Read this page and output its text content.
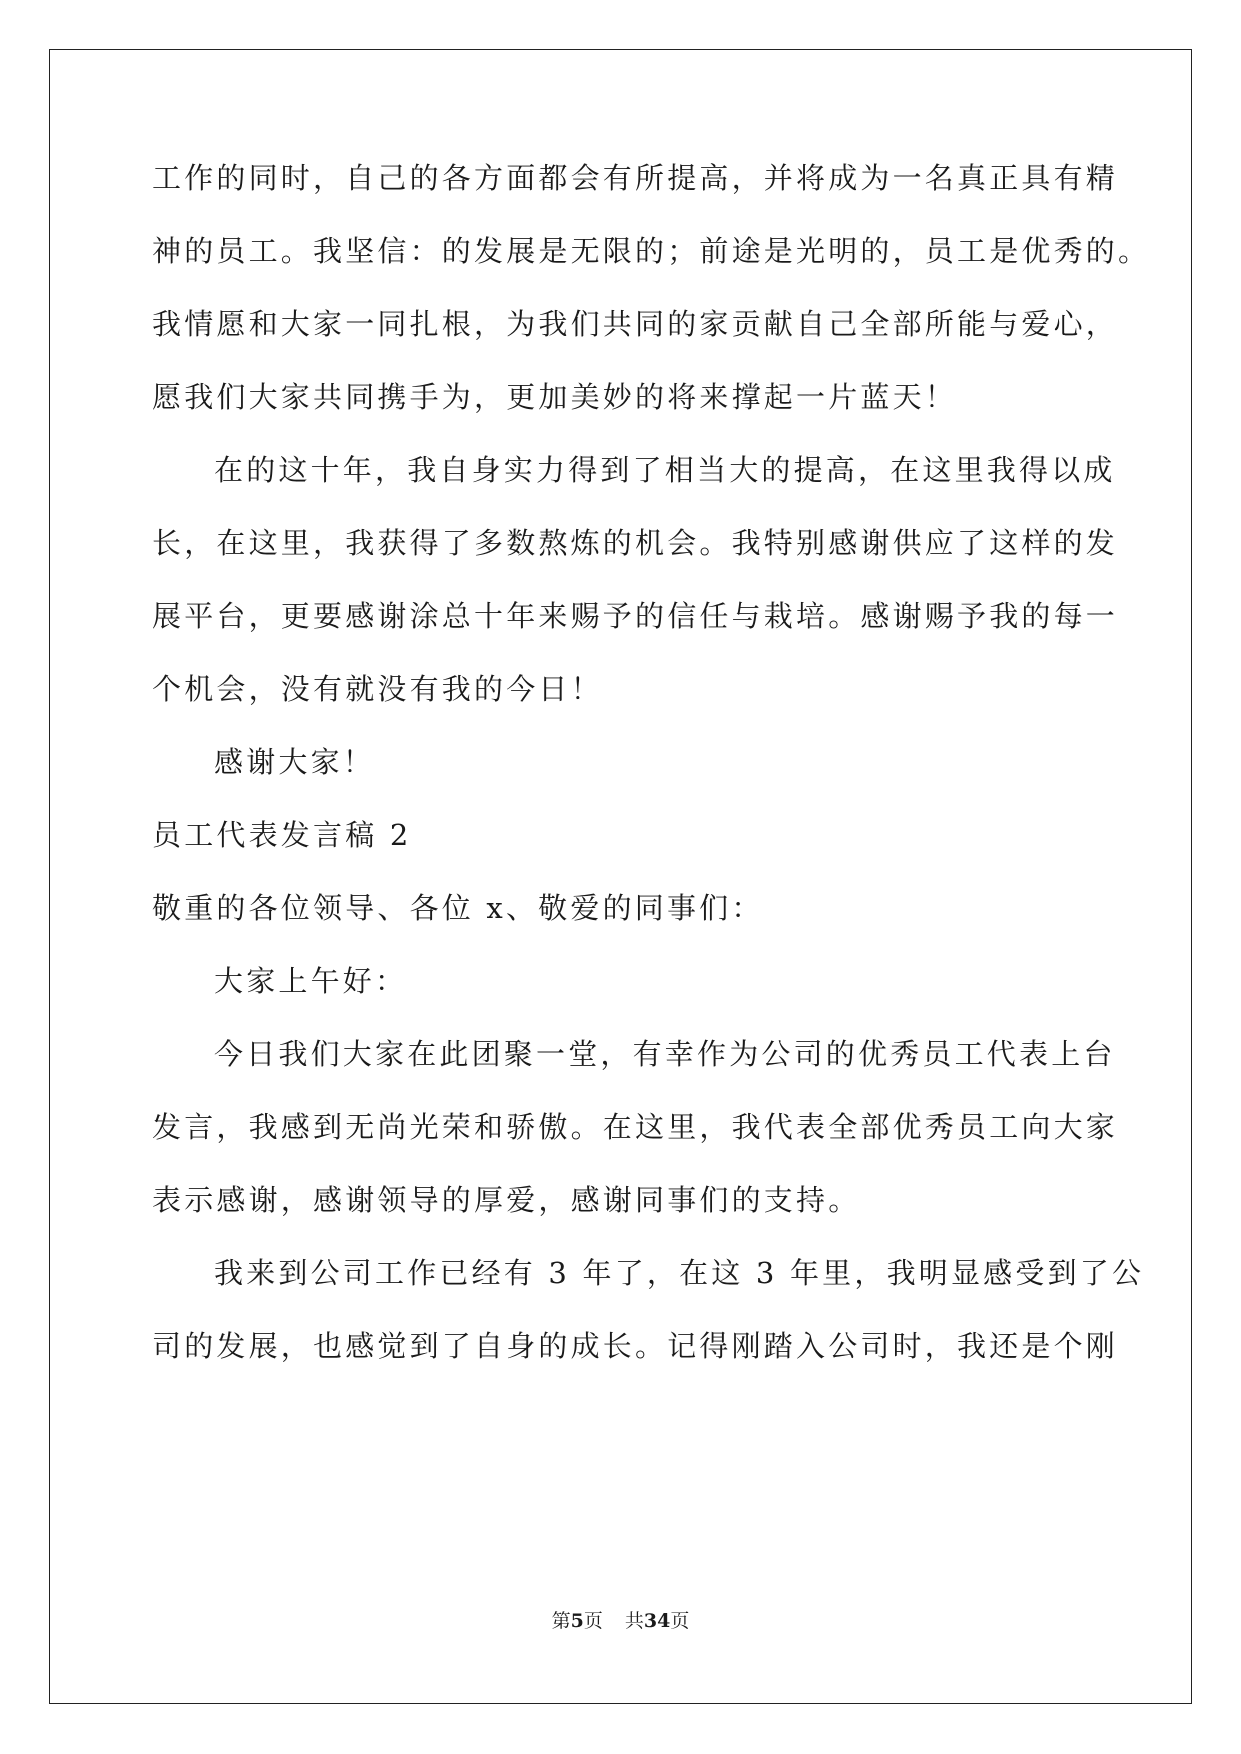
工作的同时，自己的各方面都会有所提高，并将成为一名真正具有精
神的员工。我坚信：的发展是无限的；前途是光明的，员工是优秀的。
我情愿和大家一同扎根，为我们共同的家贡献自己全部所能与爱心，
愿我们大家共同携手为，更加美妙的将来撑起一片蓝天！
在的这十年，我自身实力得到了相当大的提高，在这里我得以成
长，在这里，我获得了多数熬炼的机会。我特别感谢供应了这样的发
展平台，更要感谢涂总十年来赐予的信任与栽培。感谢赐予我的每一
个机会，没有就没有我的今日！
感谢大家！
员工代表发言稿 2
敬重的各位领导、各位 x、敬爱的同事们：
大家上午好：
今日我们大家在此团聚一堂，有幸作为公司的优秀员工代表上台
发言，我感到无尚光荣和骄傲。在这里，我代表全部优秀员工向大家
表示感谢，感谢领导的厚爱，感谢同事们的支持。
我来到公司工作已经有 3 年了，在这 3 年里，我明显感受到了公
司的发展，也感觉到了自身的成长。记得刚踏入公司时，我还是个刚
第5页 共34页
